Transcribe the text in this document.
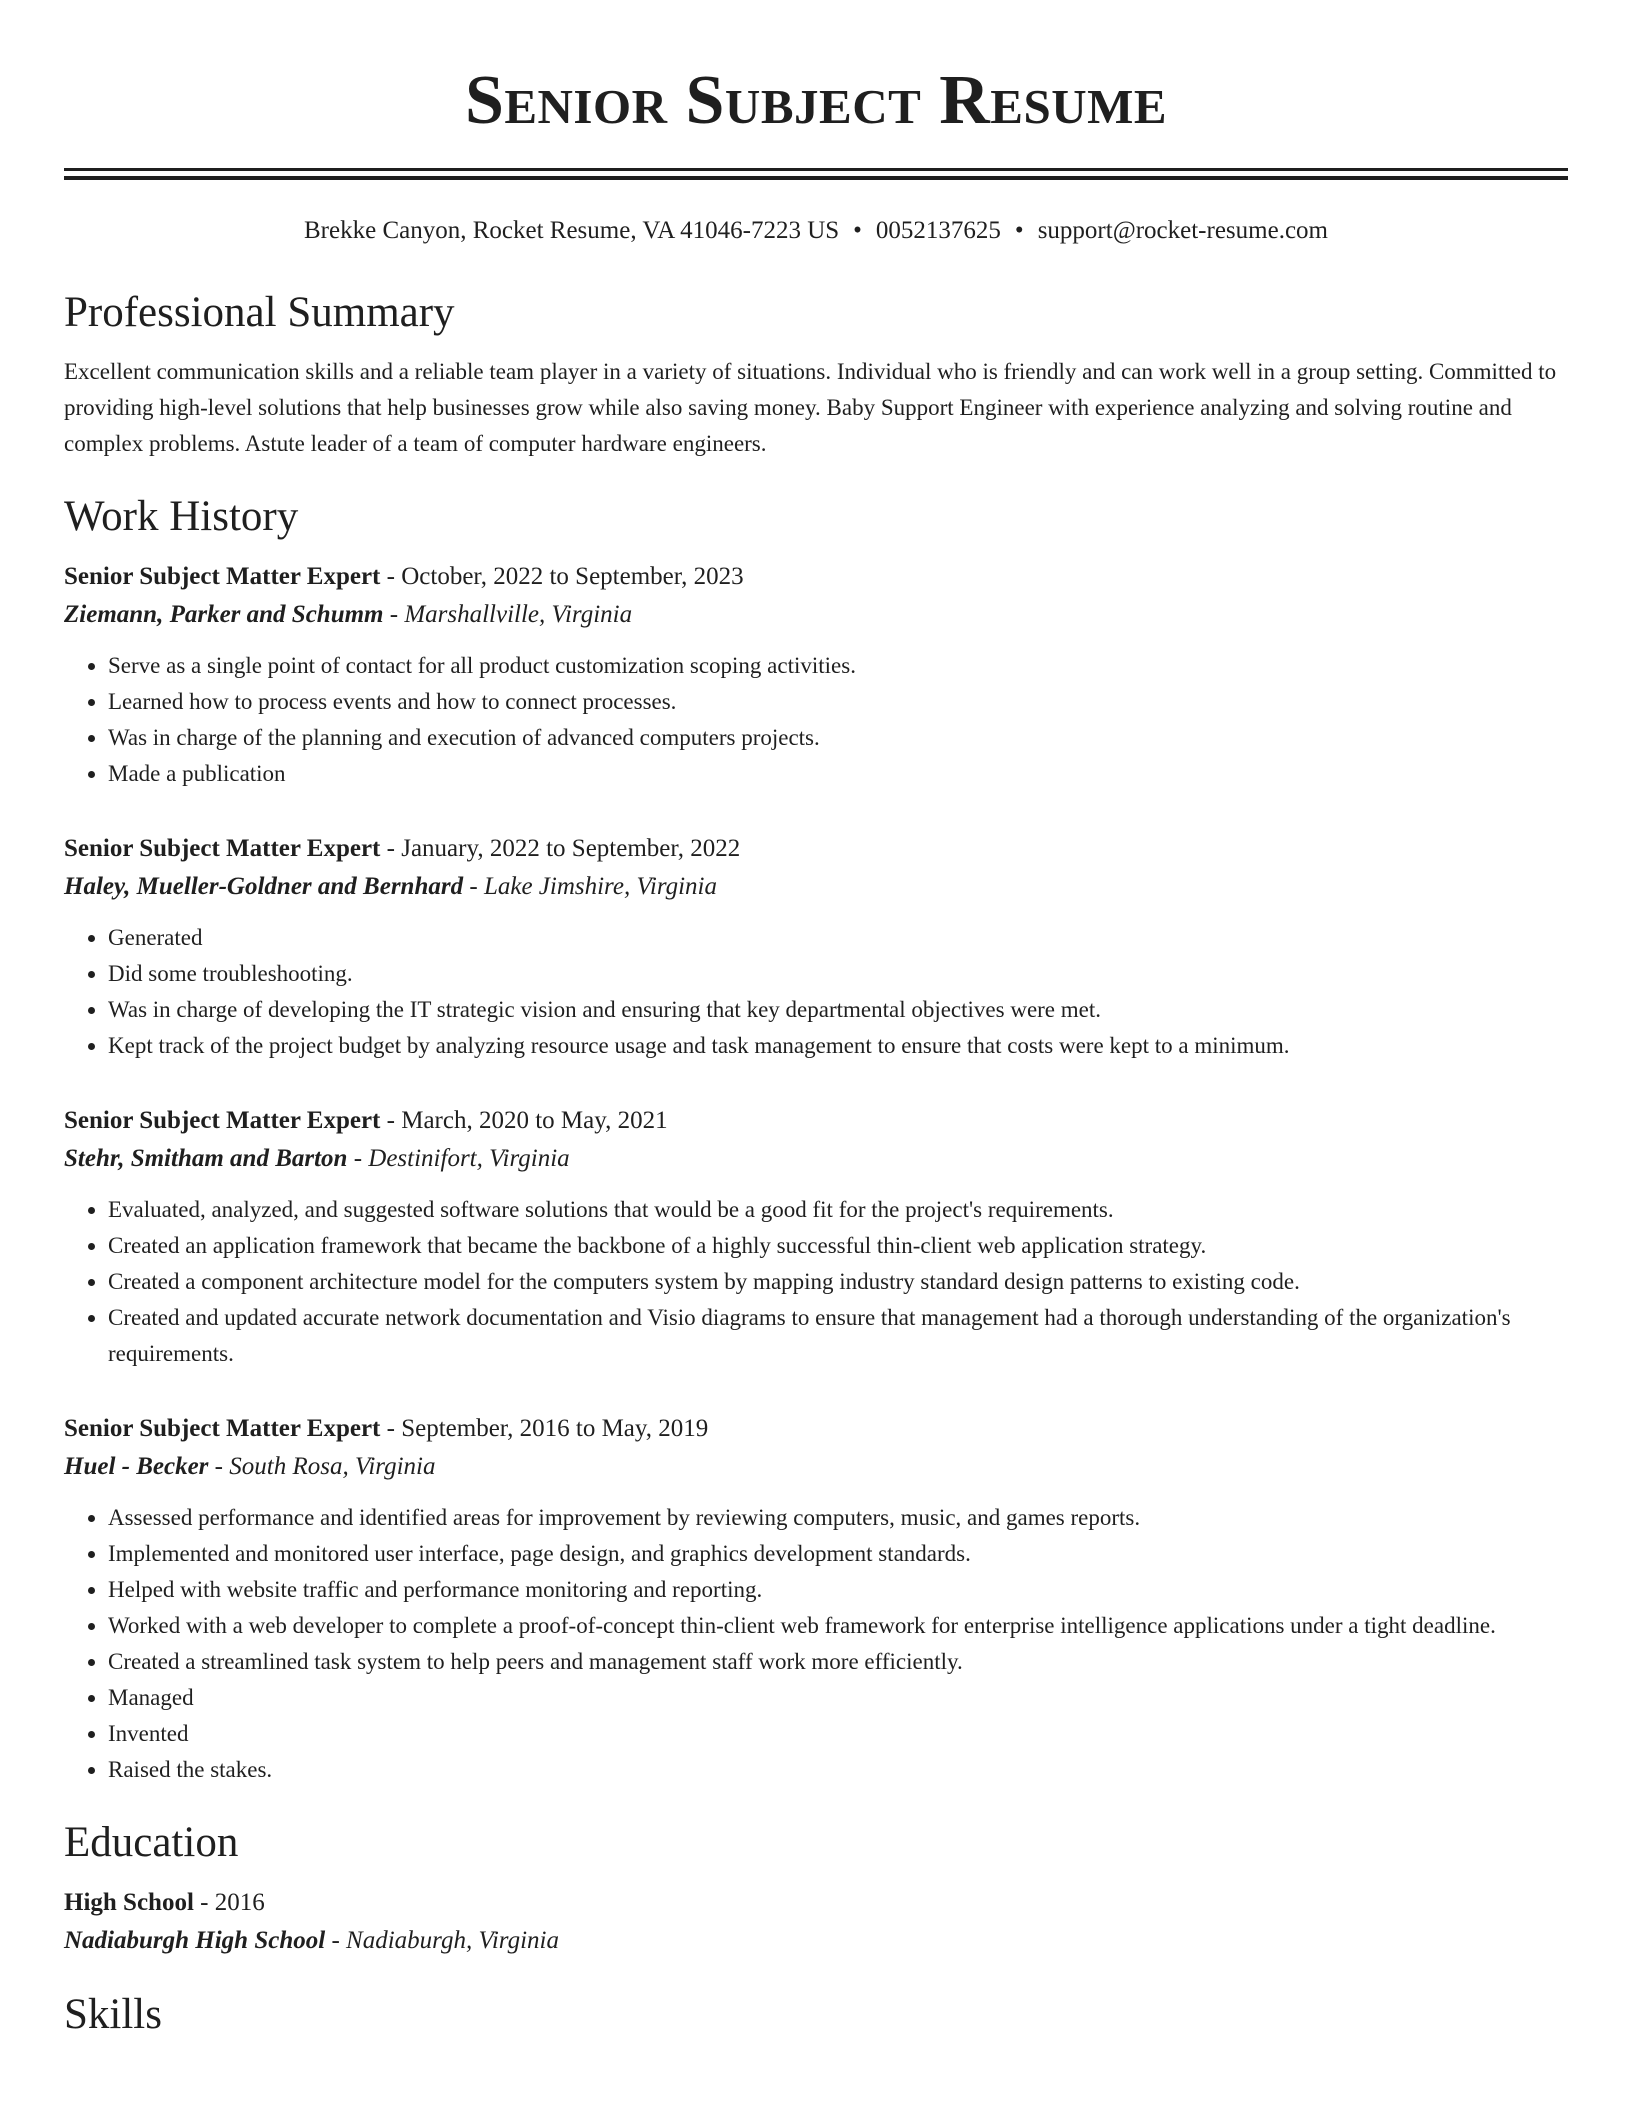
Senior Subject Resume
Brekke Canyon, Rocket Resume, VA 41046-7223 US • 0052137625 • support@rocket-resume.com
Professional Summary

Excellent communication skills and a reliable team player in a variety of situations. Individual who is friendly and can work well in a group setting. Committed to providing high-level solutions that help businesses grow while also saving money. Baby Support Engineer with experience analyzing and solving routine and complex problems. Astute leader of a team of computer hardware engineers.

Work History
Senior Subject Matter Expert - October, 2022 to September, 2023
Ziemann, Parker and Schumm - Marshallville, Virginia
• Serve as a single point of contact for all product customization scoping activities.
• Learned how to process events and how to connect processes.
• Was in charge of the planning and execution of advanced computers projects.
• Made a publication
Senior Subject Matter Expert - January, 2022 to September, 2022
Haley, Mueller-Goldner and Bernhard - Lake Jimshire, Virginia
• Generated
• Did some troubleshooting.
• Was in charge of developing the IT strategic vision and ensuring that key departmental objectives were met.
• Kept track of the project budget by analyzing resource usage and task management to ensure that costs were kept to a minimum.
Senior Subject Matter Expert - March, 2020 to May, 2021
Stehr, Smitham and Barton - Destinifort, Virginia
• Evaluated, analyzed, and suggested software solutions that would be a good fit for the project's requirements.
• Created an application framework that became the backbone of a highly successful thin-client web application strategy.
• Created a component architecture model for the computers system by mapping industry standard design patterns to existing code.
• Created and updated accurate network documentation and Visio diagrams to ensure that management had a thorough understanding of the organization's requirements.
Senior Subject Matter Expert - September, 2016 to May, 2019
Huel - Becker - South Rosa, Virginia
• Assessed performance and identified areas for improvement by reviewing computers, music, and games reports.
• Implemented and monitored user interface, page design, and graphics development standards.
• Helped with website traffic and performance monitoring and reporting.
• Worked with a web developer to complete a proof-of-concept thin-client web framework for enterprise intelligence applications under a tight deadline.
• Created a streamlined task system to help peers and management staff work more efficiently.
• Managed
• Invented
• Raised the stakes.
Education
High School - 2016
Nadiaburgh High School - Nadiaburgh, Virginia
Skills
